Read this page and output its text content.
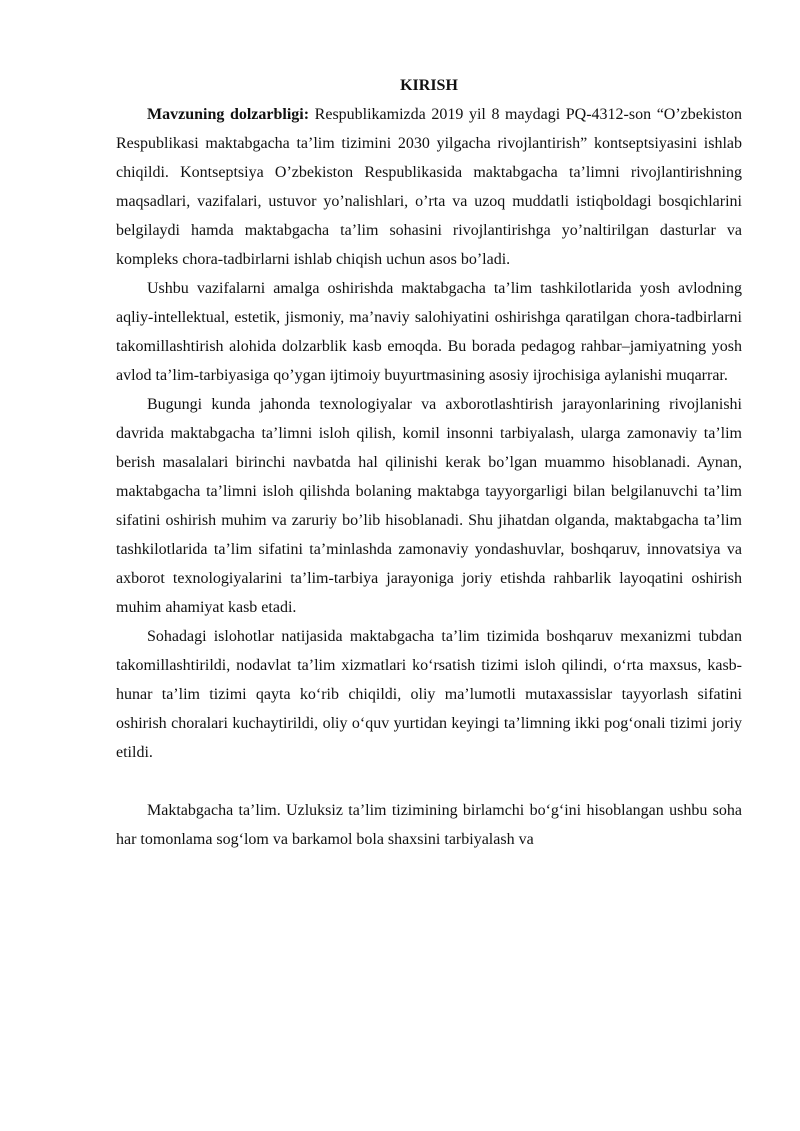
KIRISH

Mavzuning dolzarbligi: Respublikamizda 2019 yil 8 maydagi PQ-4312-son “O’zbekiston Respublikasi maktabgacha ta’lim tizimini 2030 yilgacha rivojlantirish” kontseptsiyasini ishlab chiqildi. Kontseptsiya O’zbekiston Respublikasida maktabgacha ta’limni rivojlantirishning maqsadlari, vazifalari, ustuvor yo’nalishlari, o’rta va uzoq muddatli istiqboldagi bosqichlarini belgilaydi hamda maktabgacha ta’lim sohasini rivojlantirishga yo’naltirilgan dasturlar va kompleks chora-tadbirlarni ishlab chiqish uchun asos bo’ladi.

Ushbu vazifalarni amalga oshirishda maktabgacha ta’lim tashkilotlarida yosh avlodning aqliy-intellektual, estetik, jismoniy, ma’naviy salohiyatini oshirishga qaratilgan chora-tadbirlarni takomillashtirish alohida dolzarblik kasb emoqda. Bu borada pedagog rahbar–jamiyatning yosh avlod ta’lim-tarbiyasiga qo’ygan ijtimoiy buyurtmasining asosiy ijrochisiga aylanishi muqarrar.

Bugungi kunda jahonda texnologiyalar va axborotlashtirish jarayonlarining rivojlanishi davrida maktabgacha ta’limni isloh qilish, komil insonni tarbiyalash, ularga zamonaviy ta’lim berish masalalari birinchi navbatda hal qilinishi kerak bo’lgan muammo hisoblanadi. Aynan, maktabgacha ta’limni isloh qilishda bolaning maktabga tayyorgarligi bilan belgilanuvchi ta’lim sifatini oshirish muhim va zaruriy bo’lib hisoblanadi. Shu jihatdan olganda, maktabgacha ta’lim tashkilotlarida ta’lim sifatini ta’minlashda zamonaviy yondashuvlar, boshqaruv, innovatsiya va axborot texnologiyalarini ta’lim-tarbiya jarayoniga joriy etishda rahbarlik layoqatini oshirish muhim ahamiyat kasb etadi.

Sohadagi islohotlar natijasida maktabgacha ta’lim tizimida boshqaruv mexanizmi tubdan takomillashtirildi, nodavlat ta’lim xizmatlari ko‘rsatish tizimi isloh qilindi, o‘rta maxsus, kasb-hunar ta’lim tizimi qayta ko‘rib chiqildi, oliy ma’lumotli mutaxassislar tayyorlash sifatini oshirish choralari kuchaytirildi, oliy o‘quv yurtidan keyingi ta’limning ikki pog‘onali tizimi joriy etildi.

Maktabgacha ta’lim. Uzluksiz ta’lim tizimining birlamchi bo‘g‘ini hisoblangan ushbu soha har tomonlama sog‘lom va barkamol bola shaxsini tarbiyalash va
